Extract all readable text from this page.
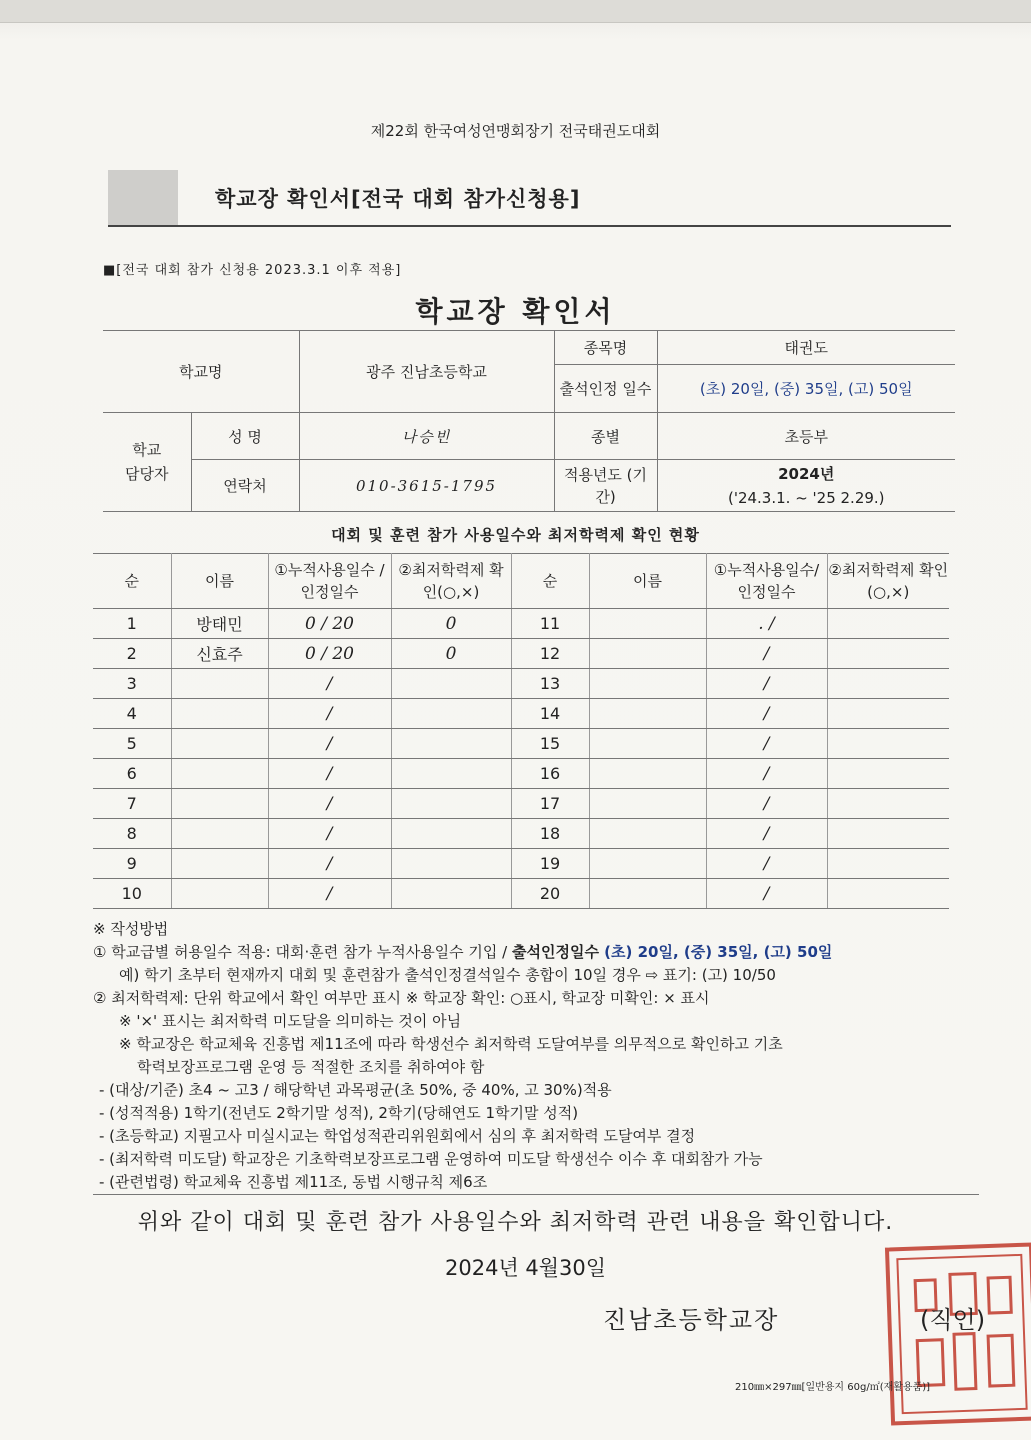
제22회 한국여성연맹회장기 전국태권도대회
학교장 확인서[전국 대회 참가신청용]
■[전국 대회 참가 신청용 2023.3.1 이후 적용]
학교장 확인서
학교명		광주 진남초등학교	종목명	태권도
			출석인정 일수	(초) 20일, (중) 35일, (고) 50일
학교 담당자	성 명	나승빈	종별	초등부
	연락처	010-3615-1795	적용년도 (기간)	2024년
('24.3.1. ~ '25 2.29.)
대회 및 훈련 참가 사용일수와 최저학력제 확인 현황
순	이름	①누적사용일수 /인정일수	②최저학력제 확인(○,×)	순	이름	①누적사용일수/ 인정일수	②최저학력제 확인(○,×)
1	방태민	0 / 20	0	11		. /	
2	신효주	0 / 20	0	12		/	
3		/		13		/	
4		/		14		/	
5		/		15		/	
6		/		16		/	
7		/		17		/	
8		/		18		/	
9		/		19		/	
10		/		20		/	
※ 작성방법
① 학교급별 허용일수 적용: 대회·훈련 참가 누적사용일수 기입 / 출석인정일수 (초) 20일, (중) 35일, (고) 50일
예) 학기 초부터 현재까지 대회 및 훈련참가 출석인정결석일수 총합이 10일 경우 ⇨ 표기: (고) 10/50
② 최저학력제: 단위 학교에서 확인 여부만 표시 ※ 학교장 확인: ○표시, 학교장 미확인: × 표시
※ '×' 표시는 최저학력 미도달을 의미하는 것이 아님
※ 학교장은 학교체육 진흥법 제11조에 따라 학생선수 최저학력 도달여부를 의무적으로 확인하고 기초
학력보장프로그램 운영 등 적절한 조치를 취하여야 함
- (대상/기준) 초4 ~ 고3 / 해당학년 과목평균(초 50%, 중 40%, 고 30%)적용
- (성적적용) 1학기(전년도 2학기말 성적), 2학기(당해연도 1학기말 성적)
- (초등학교) 지필고사 미실시교는 학업성적관리위원회에서 심의 후 최저학력 도달여부 결정
- (최저학력 미도달) 학교장은 기초학력보장프로그램 운영하여 미도달 학생선수 이수 후 대회참가 가능
- (관련법령) 학교체육 진흥법 제11조, 동법 시행규칙 제6조
위와 같이 대회 및 훈련 참가 사용일수와 최저학력 관련 내용을 확인합니다.
2024년 4월30일
진남초등학교장	(직인)
210㎜×297㎜[일반용지 60g/㎡(재활용품)]
